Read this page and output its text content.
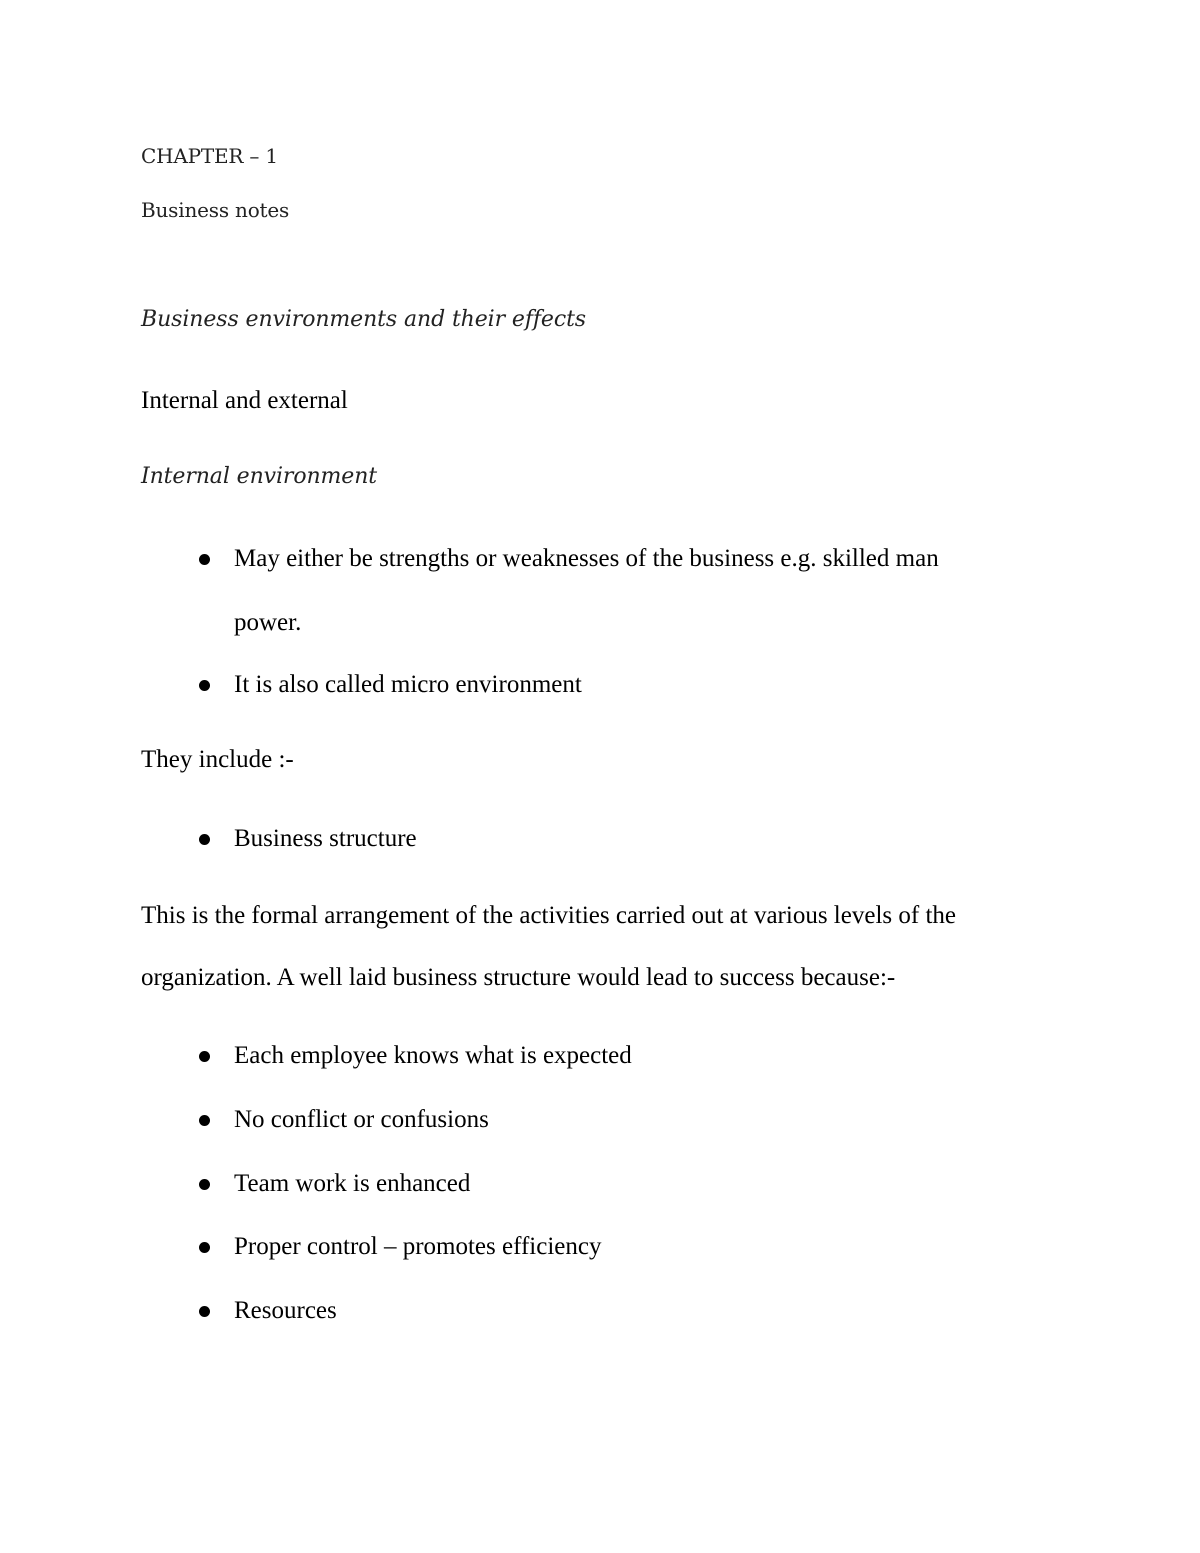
CHAPTER – 1
Business notes
Business environments and their effects
Internal and external
Internal environment
May either be strengths or weaknesses of the business e.g. skilled man
power.
It is also called micro environment
They include :-
Business structure
This is the formal arrangement of the activities carried out at various levels of the
organization. A well laid business structure would lead to success because:-
Each employee knows what is expected
No conflict or confusions
Team work is enhanced
Proper control – promotes efficiency
Resources
